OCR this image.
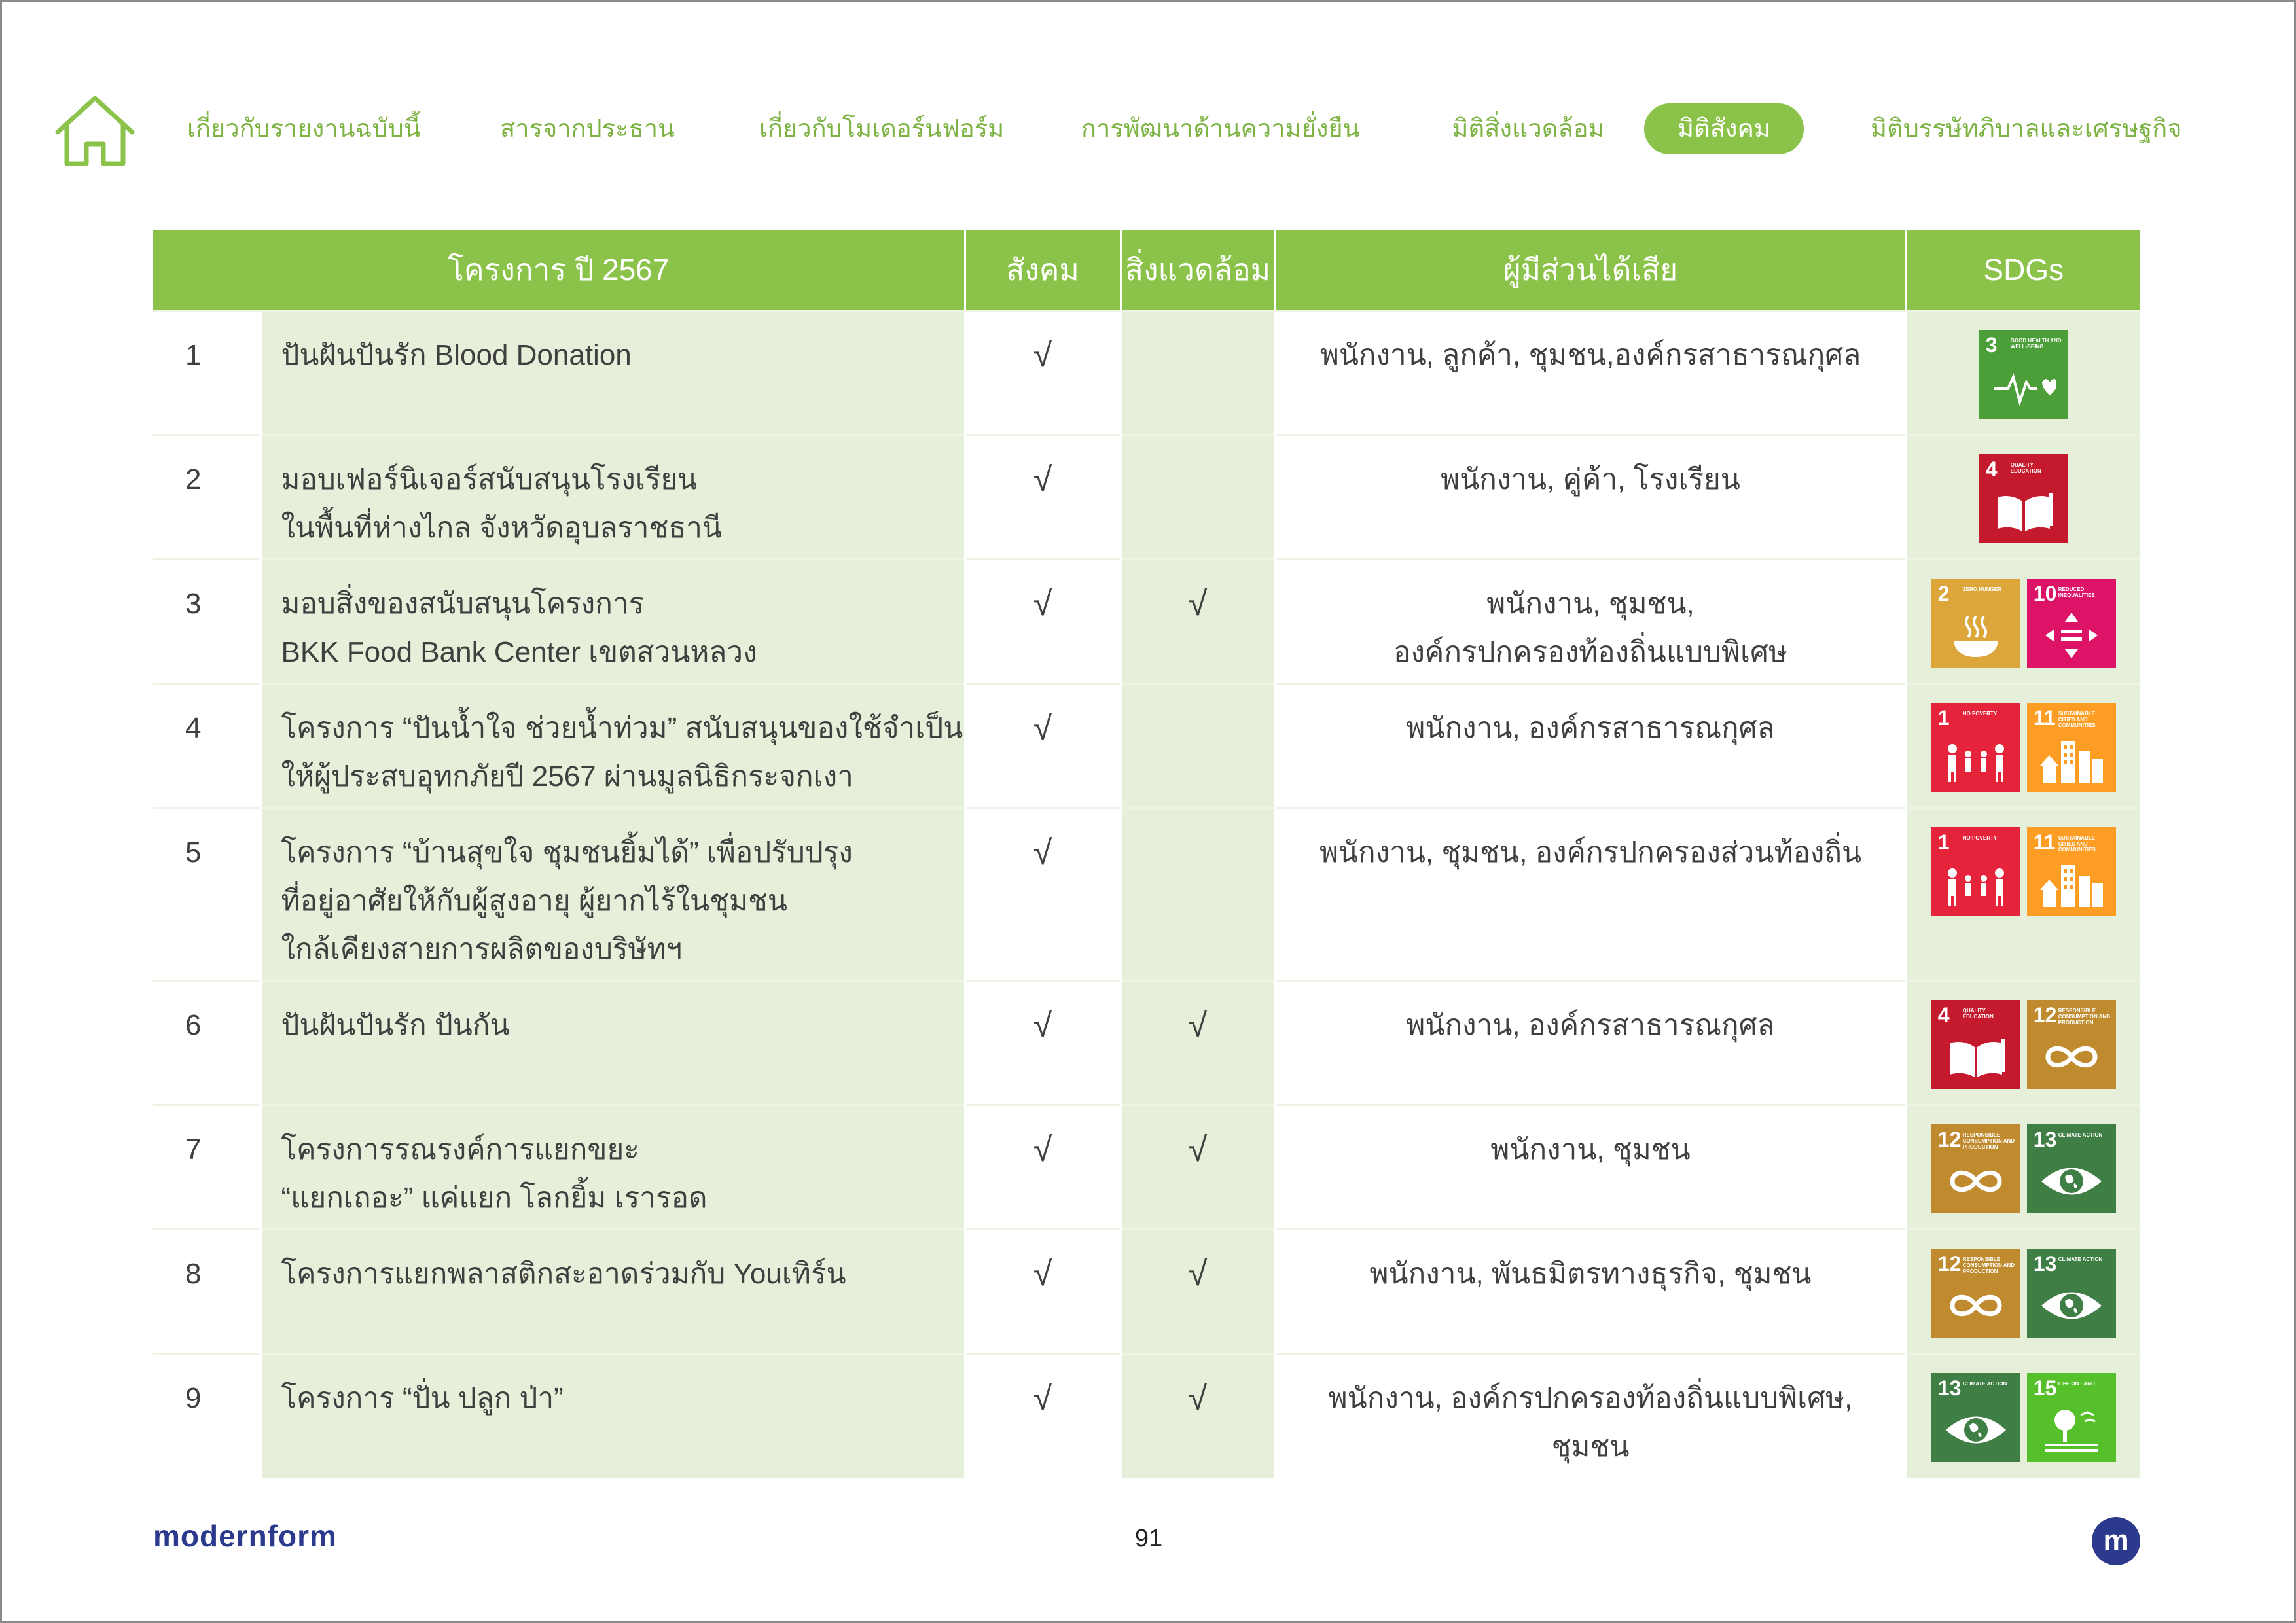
เกี่ยวกับรายงานฉบับนี้	สารจากประธาน	เกี่ยวกับโมเดอร์นฟอร์ม	การพัฒนาด้านความยั่งยืน	มิติสิ่งแวดล้อม	มิติสังคม	มิติบรรษัทภิบาลและเศรษฐกิจ
โครงการ ปี 2567		สังคม	สิ่งแวดล้อม	ผู้มีส่วนได้เสีย	SDGs
1	ปันฝันปันรัก Blood Donation	√		พนักงาน, ลูกค้า, ชุมชน,องค์กรสาธารณกุศล	3 GOOD HEALTH AND WELL-BEING

2	มอบเฟอร์นิเจอร์สนับสนุนโรงเรียน
ในพื้นที่ห่างไกล จังหวัดอุบลราชธานี	√		พนักงาน, คู่ค้า, โรงเรียน	4 QUALITY EDUCATION

3	มอบสิ่งของสนับสนุนโครงการ
BKK Food Bank Center เขตสวนหลวง	√	√	พนักงาน, ชุมชน,
องค์กรปกครองท้องถิ่นแบบพิเศษ	2 ZERO HUNGER 10 REDUCED INEQUALITIES

4	โครงการ “ปันน้ำใจ ช่วยน้ำท่วม” สนับสนุนของใช้จำเป็น
ให้ผู้ประสบอุทกภัยปี 2567 ผ่านมูลนิธิกระจกเงา	√		พนักงาน, องค์กรสาธารณกุศล	1 NO POVERTY 11 SUSTAINABLE CITIES AND COMMUNITIES

5	โครงการ “บ้านสุขใจ ชุมชนยิ้มได้” เพื่อปรับปรุง
ที่อยู่อาศัยให้กับผู้สูงอายุ ผู้ยากไร้ในชุมชน
ใกล้เคียงสายการผลิตของบริษัทฯ	√		พนักงาน, ชุมชน, องค์กรปกครองส่วนท้องถิ่น	1 NO POVERTY 11 SUSTAINABLE CITIES AND COMMUNITIES

6	ปันฝันปันรัก ปันกัน	√	√	พนักงาน, องค์กรสาธารณกุศล	4 QUALITY EDUCATION 12 RESPONSIBLE CONSUMPTION AND PRODUCTION

7	โครงการรณรงค์การแยกขยะ
“แยกเถอะ” แค่แยก โลกยิ้ม เรารอด	√	√	พนักงาน, ชุมชน	12 RESPONSIBLE CONSUMPTION AND PRODUCTION 13 CLIMATE ACTION

8	โครงการแยกพลาสติกสะอาดร่วมกับ Youเทิร์น	√	√	พนักงาน, พันธมิตรทางธุรกิจ, ชุมชน	12 RESPONSIBLE CONSUMPTION AND PRODUCTION 13 CLIMATE ACTION

9	โครงการ “ปั่น ปลูก ป่า”	√	√	พนักงาน, องค์กรปกครองท้องถิ่นแบบพิเศษ,
ชุมชน	13 CLIMATE ACTION 15 LIFE ON LAND
modernform	91	m
